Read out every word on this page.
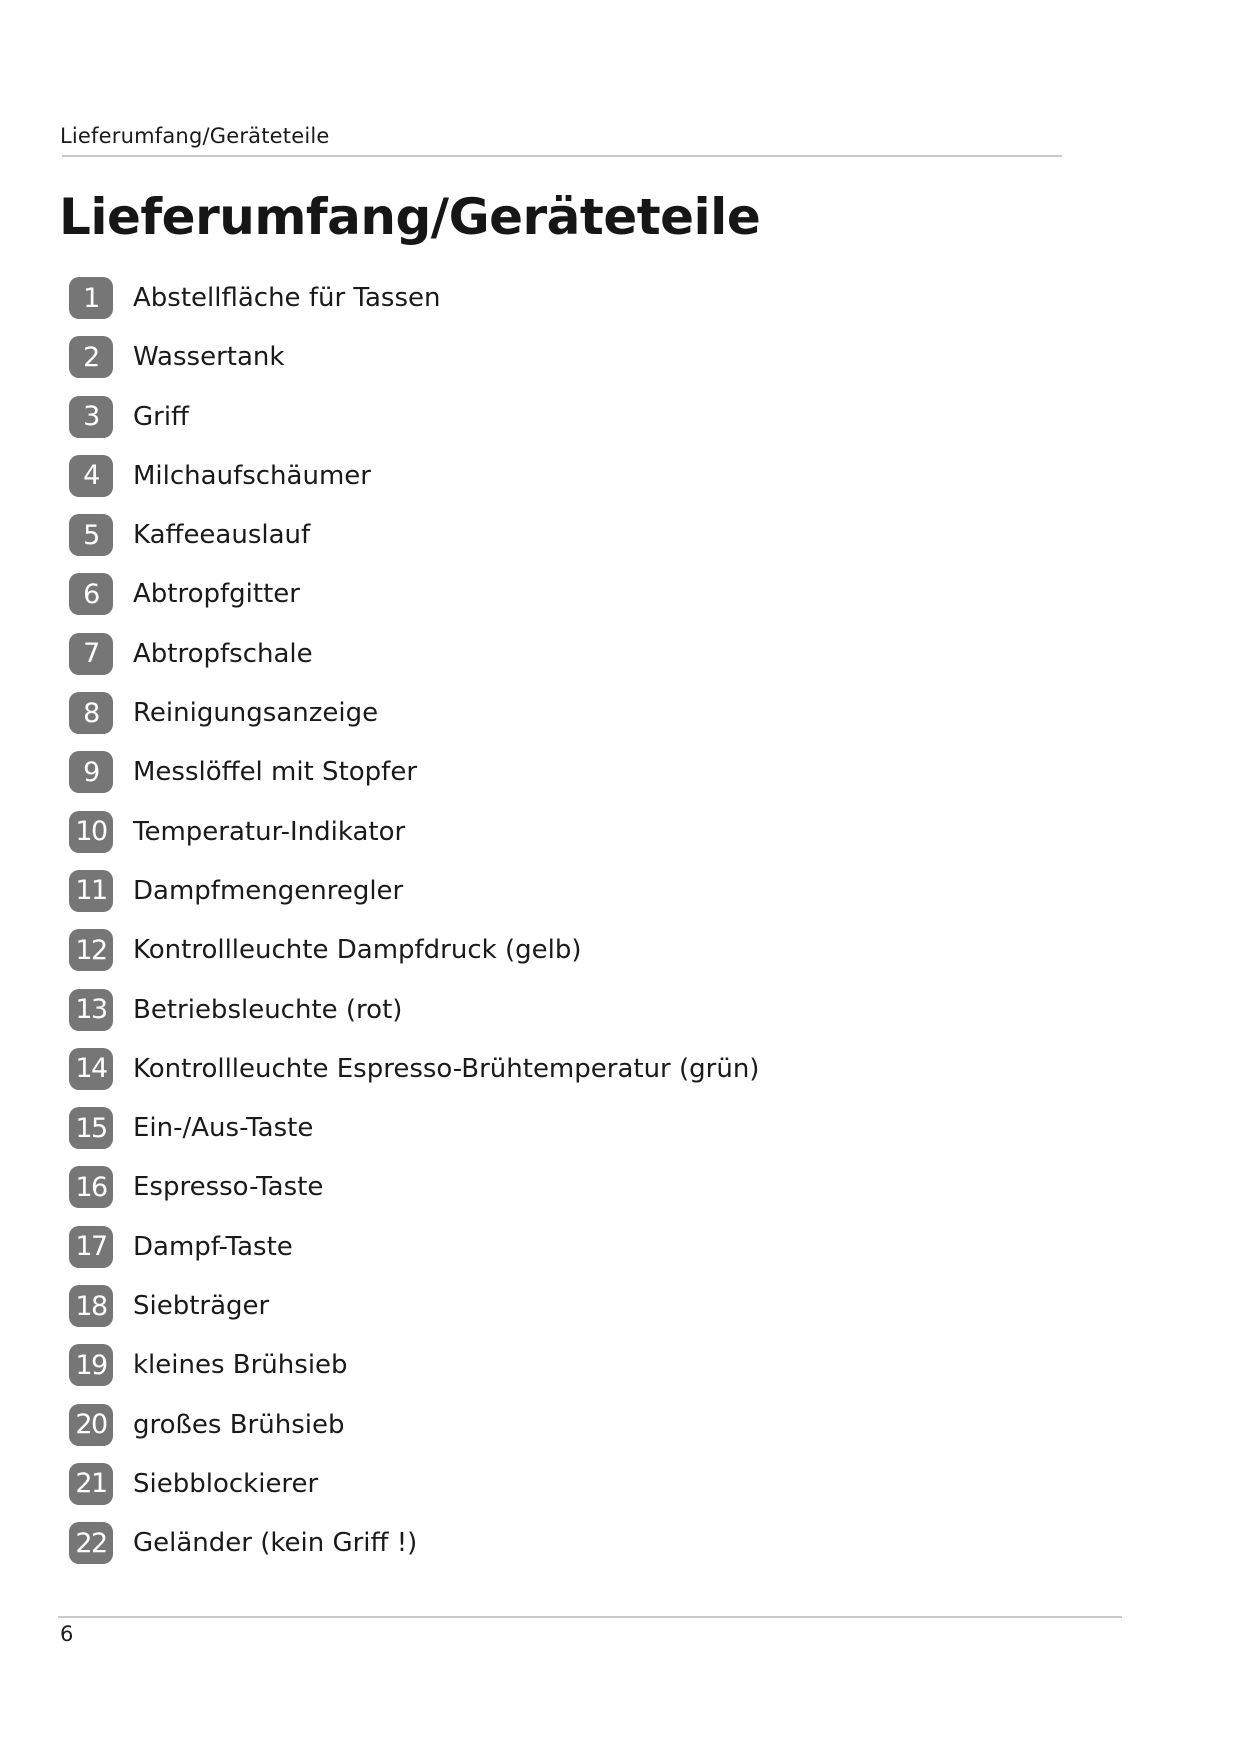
Lieferumfang/Geräteteile
Lieferumfang/Geräteteile
1	Abstellfläche für Tassen
2	Wassertank
3	Griff
4	Milchaufschäumer
5	Kaffeeauslauf
6	Abtropfgitter
7	Abtropfschale
8	Reinigungsanzeige
9	Messlöffel mit Stopfer
10 Temperatur-Indikator
11 Dampfmengenregler
12 Kontrollleuchte Dampfdruck (gelb)
13 Betriebsleuchte (rot)
14 Kontrollleuchte Espresso-Brühtemperatur (grün)
15 Ein-/Aus-Taste
16 Espresso-Taste
17 Dampf-Taste
18 Siebträger
19 kleines Brühsieb
20 großes Brühsieb
21 Siebblockierer
22 Geländer (kein Griff !)
6
